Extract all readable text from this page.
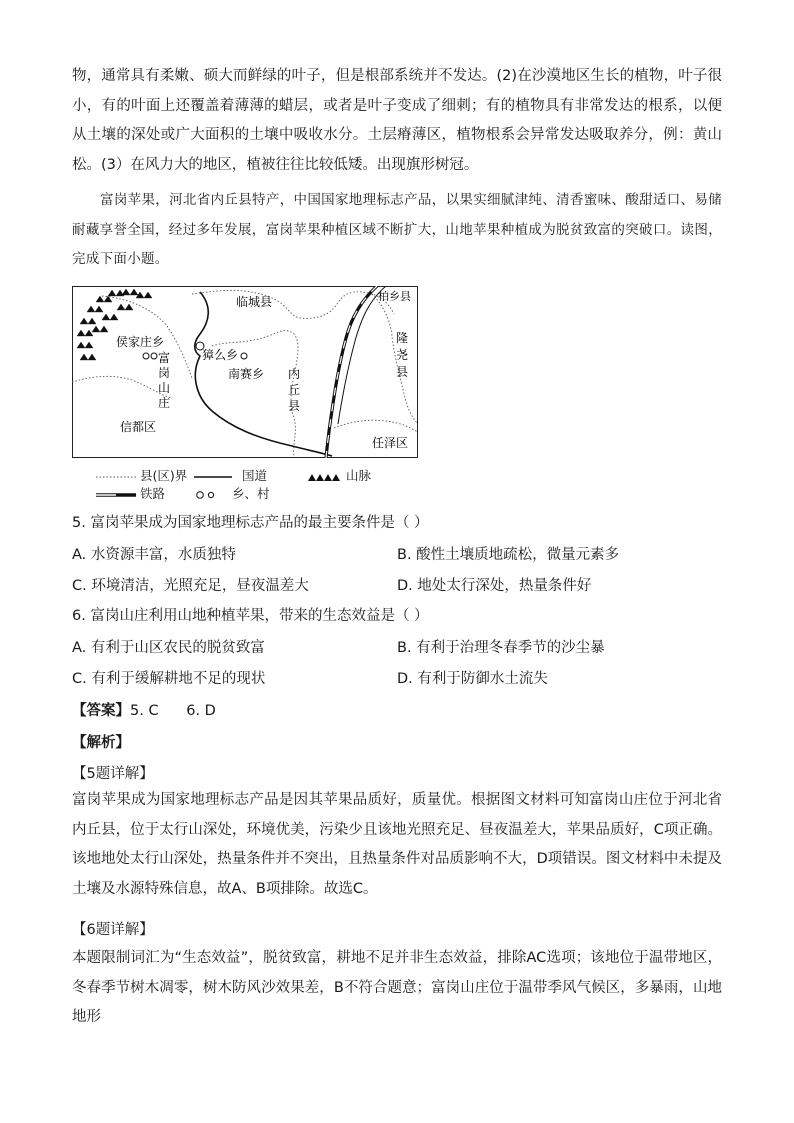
物，通常具有柔嫩、硕大而鲜绿的叶子，但是根部系统并不发达。(2)在沙漠地区生长的植物，叶子很小，有的叶面上还覆盖着薄薄的蜡层，或者是叶子变成了细刺；有的植物具有非常发达的根系，以便从土壤的深处或广大面积的土壤中吸收水分。土层瘠薄区，植物根系会异常发达吸取养分，例：黄山松。(3）在风力大的地区，植被往往比较低矮。出现旗形树冠。

富岗苹果，河北省内丘县特产，中国国家地理标志产品，以果实细腻津纯、清香蜜味、酸甜适口、易储耐藏享誉全国，经过多年发展，富岗苹果种植区域不断扩大，山地苹果种植成为脱贫致富的突破口。读图，完成下面小题。

临城县	柏乡县
隆
尧
县
侯家庄乡
富
岗
山
庄
獐么乡
南赛乡 内
丘
县
信都区
任泽区
县(区)界	国道	山脉
铁路	乡、村
5. 富岗苹果成为国家地理标志产品的最主要条件是（ ）
A. 水资源丰富，水质独特	B. 酸性土壤质地疏松，微量元素多
C. 环境清洁，光照充足，昼夜温差大	D. 地处太行深处，热量条件好
6. 富岗山庄利用山地种植苹果，带来的生态效益是（ ）
A. 有利于山区农民的脱贫致富	B. 有利于治理冬春季节的沙尘暴
C. 有利于缓解耕地不足的现状	D. 有利于防御水土流失
【答案】5. C      6. D
【解析】
【5题详解】

富岗苹果成为国家地理标志产品是因其苹果品质好，质量优。根据图文材料可知富岗山庄位于河北省内丘县，位于太行山深处，环境优美，污染少且该地光照充足、昼夜温差大，苹果品质好，C项正确。该地地处太行山深处，热量条件并不突出，且热量条件对品质影响不大，D项错误。图文材料中未提及土壤及水源特殊信息，故A、B项排除。故选C。

【6题详解】

本题限制词汇为“生态效益”，脱贫致富，耕地不足并非生态效益，排除AC选项；该地位于温带地区，冬春季节树木凋零，树木防风沙效果差，B不符合题意；富岗山庄位于温带季风气候区，多暴雨，山地地形
